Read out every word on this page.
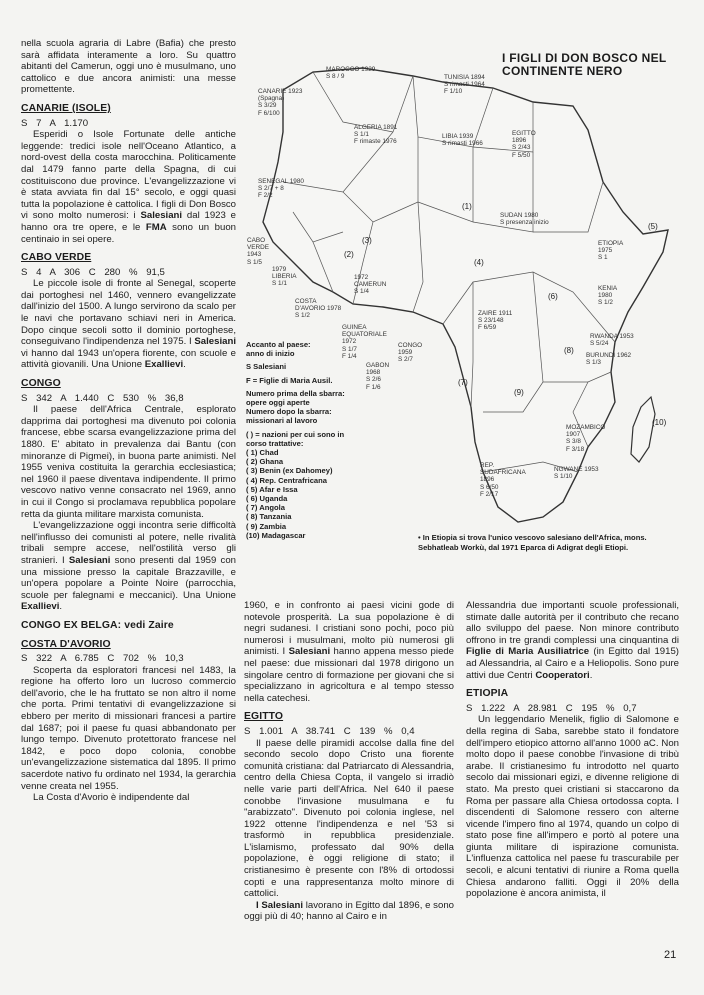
nella scuola agraria di Labre (Bafia) che presto sarà affidata interamente a loro. Su quattro abitanti del Camerun, oggi uno è musulmano, uno cattolico e due ancora animisti: una messe promettente.

CANARIE (ISOLE)

S 7 A 1.170

Esperidi o Isole Fortunate delle antiche leggende: tredici isole nell'Oceano Atlantico, a nord-ovest della costa marocchina. Politicamente dal 1479 fanno parte della Spagna, di cui costituiscono due province. L'evangelizzazione vi è stata avviata fin dal 15° secolo, e oggi quasi tutta la popolazione è cattolica. I figli di Don Bosco vi sono molto numerosi: i Salesiani dal 1923 e hanno ora tre opere, e le FMA sono un buon centinaio in sei opere.

CABO VERDE

S 4 A 306 C 280 % 91,5

Le piccole isole di fronte al Senegal, scoperte dai portoghesi nel 1460, vennero evangelizzate dall'inizio del 1500. A lungo servirono da scalo per le navi che portavano schiavi neri in America. Dopo cinque secoli sotto il dominio portoghese, conseguivano l'indipendenza nel 1975. I Salesiani vi hanno dal 1943 un'opera fiorente, con scuole e attività giovanili. Una Unione Exallievi.

CONGO

S 342 A 1.440 C 530 % 36,8

Il paese dell'Africa Centrale, esplorato dapprima dai portoghesi ma divenuto poi colonia francese, ebbe scarsa evangelizzazione prima del 1880. E' abitato in prevalenza dai Bantu (con minoranze di Pigmei), in buona parte animisti. Nel 1955 veniva costituita la gerarchia ecclesiastica; nel 1960 il paese diventava indipendente. Il primo vescovo nativo venne consacrato nel 1969, anno in cui il Congo si proclamava repubblica popolare retta da giunta militare marxista comunista.

L'evangelizzazione oggi incontra serie difficoltà nell'influsso dei comunisti al potere, nelle rivalità tribali sempre accese, nell'ostilità verso gli stranieri. I Salesiani sono presenti dal 1959 con una missione presso la capitale Brazzaville, e un'opera popolare a Pointe Noire (parrocchia, scuole per falegnami e meccanici). Una Unione Exallievi.

CONGO EX BELGA: vedi Zaire
COSTA D'AVORIO

S 322 A 6.785 C 702 % 10,3

Scoperta da esploratori francesi nel 1483, la regione ha offerto loro un lucroso commercio dell'avorio, che le ha fruttato se non altro il nome che porta. Primi tentativi di evangelizzazione si ebbero per merito di missionari francesi a partire dal 1687; poi il paese fu quasi abbandonato per lungo tempo. Divenuto protettorato francese nel 1842, e poco dopo colonia, conobbe un'evangelizzazione sistematica dal 1895. Il primo sacerdote nativo fu ordinato nel 1934, la gerarchia venne creata nel 1955.

La Costa d'Avorio è indipendente dal

I FIGLI DI DON BOSCO NEL CONTINENTE NERO
MAROCCO 1929
S 8 / 9	TUNISIA 1894
S rimasti 1964
F 1/10
CANARIE 1923
(Spagna)
S 3/29
F 6/100
ALGERIA 1891
S 1/1
F rimaste 1976
LIBIA 1939
S rimasti 1966
EGITTO
1896
S 2/43
F 5/50
SENEGAL 1980
S 2/7 + 8
F 2/2
SUDAN 1980
S presenza inizio
CABO
VERDE
1943
S 1/5
1979
LIBERIA
S 1/1
COSTA
D'AVORIO 1978
S 1/2
1972
CAMERUN
S 1/4
GUINEA
EQUATORIALE
1972
S 1/7
F 1/4
CONGO
1959
S 2/7
GABON
1968
S 2/6
F 1/6
ETIOPIA
1975
S 1
KENIA
1980
S 1/2
ZAIRE 1911
S 23/148
F 6/59
RWANDA 1953
S 5/24
BURUNDI 1962
S 1/3
MOZAMBICO
1907
S 3/8
F 3/18
REP.
SUDAFRICANA
1896
S 6/50
F 2/17
NGWANE 1953
S 1/10
(1)
(2)
(3)
(4)
(5)
(6)
(7)
(8)
(9)
(10)
Accanto al paese:
anno di inizio
S Salesiani
F = Figlie di Maria Ausil.
Numero prima della sbarra:
opere oggi aperte
Numero dopo la sbarra:
missionari al lavoro
( ) = nazioni per cui sono in
corso trattative:
( 1) Chad
( 2) Ghana
( 3) Benin (ex Dahomey)
( 4) Rep. Centrafricana
( 5) Afar e Issa
( 6) Uganda
( 7) Angola
( 8) Tanzania
( 9) Zambia
(10) Madagascar	• In Etiopia si trova l'unico vescovo salesiano dell'Africa, mons. Sebhatleab Workù, dal 1971 Eparca di Adigrat degli Etiopi.

1960, e in confronto ai paesi vicini gode di notevole prosperità. La sua popolazione è di negri sudanesi. I cristiani sono pochi, poco più numerosi i musulmani, molto più numerosi gli animisti. I Salesiani hanno appena messo piede nel paese: due missionari dal 1978 dirigono un singolare centro di formazione per giovani che si specializzano in agricoltura e al tempo stesso nella catechesi.

EGITTO

S 1.001 A 38.741 C 139 % 0,4

Il paese delle piramidi accolse dalla fine del secondo secolo dopo Cristo una fiorente comunità cristiana: dal Patriarcato di Alessandria, centro della Chiesa Copta, il vangelo si irradiò nelle varie parti dell'Africa. Nel 640 il paese conobbe l'invasione musulmana e fu "arabizzato". Divenuto poi colonia inglese, nel 1922 ottenne l'indipendenza e nel '53 si trasformò in repubblica presidenziale. L'islamismo, professato dal 90% della popolazione, è oggi religione di stato; il cristianesimo è presente con l'8% di ortodossi copti e una rappresentanza molto minore di cattolici.

I Salesiani lavorano in Egitto dal 1896, e sono oggi più di 40; hanno al Cairo e in

Alessandria due importanti scuole professionali, stimate dalle autorità per il contributo che recano allo sviluppo del paese. Non minore contributo offrono in tre grandi complessi una cinquantina di Figlie di Maria Ausiliatrice (in Egitto dal 1915) ad Alessandria, al Cairo e a Heliopolis. Sono pure attivi due Centri Cooperatori.

ETIOPIA

S 1.222 A 28.981 C 195 % 0,7

Un leggendario Menelik, figlio di Salomone e della regina di Saba, sarebbe stato il fondatore dell'impero etiopico attorno all'anno 1000 aC. Non molto dopo il paese conobbe l'invasione di tribù arabe. Il cristianesimo fu introdotto nel quarto secolo dai missionari egizi, e divenne religione di stato. Ma presto quei cristiani si staccarono da Roma per passare alla Chiesa ortodossa copta. I discendenti di Salomone ressero con alterne vicende l'impero fino al 1974, quando un colpo di stato pose fine all'impero e portò al potere una giunta militare di ispirazione comunista. L'influenza cattolica nel paese fu trascurabile per secoli, e alcuni tentativi di riunire a Roma quella Chiesa andarono falliti. Oggi il 20% della popolazione è ancora animista, il

21
